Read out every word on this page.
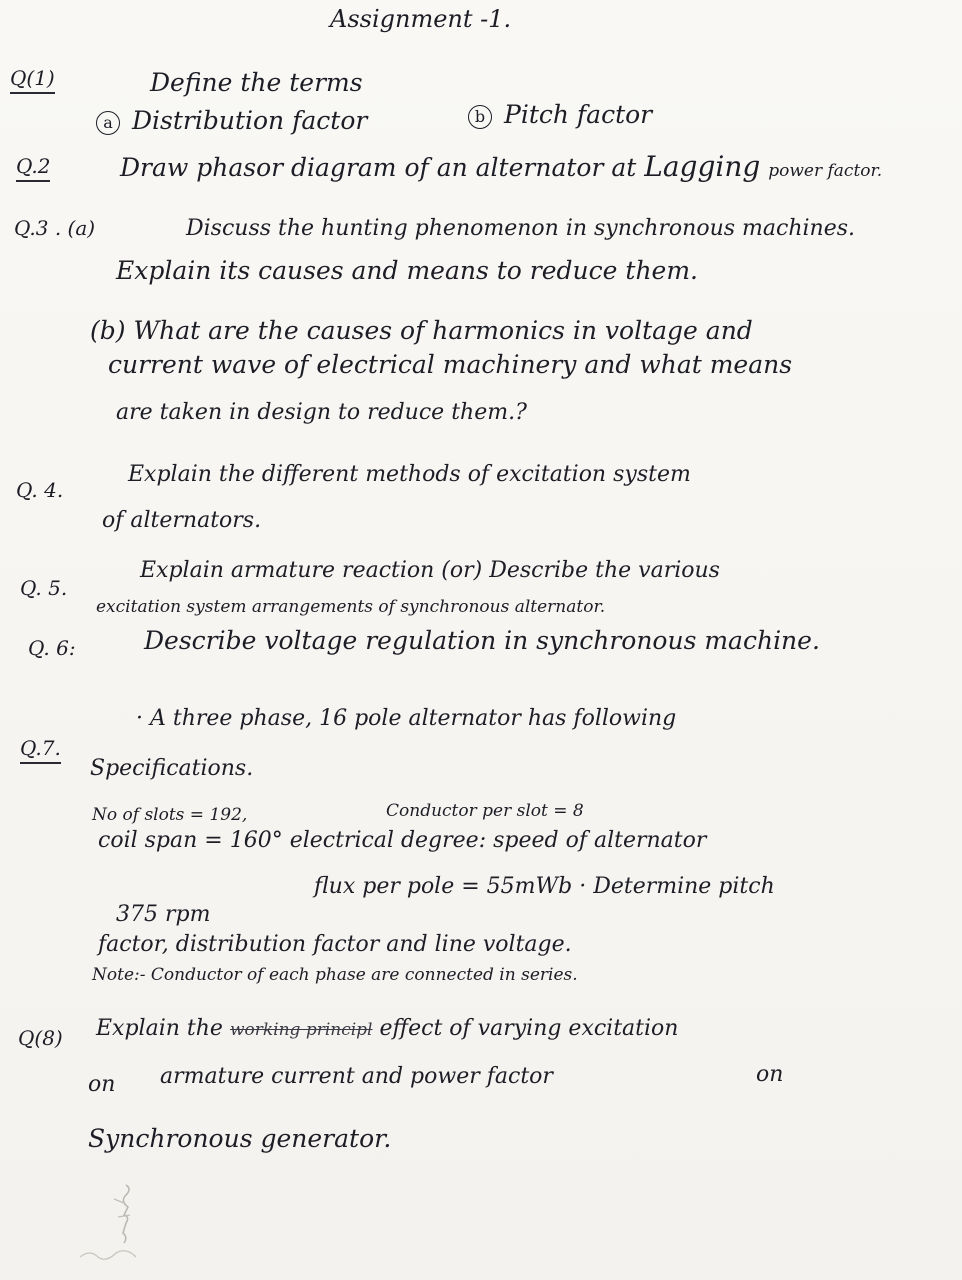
Assignment -1.
Q(1)	Define the terms
a Distribution factor	b Pitch factor
Q.2	Draw phasor diagram of an alternator at Lagging power factor.
Q.3 . (a)	Discuss the hunting phenomenon in synchronous machines.
Explain its causes and means to reduce them.
(b) What are the causes of harmonics in voltage and
current wave of electrical machinery and what means
are taken in design to reduce them.?
Q. 4.
Explain the different methods of excitation system
of alternators.
Q. 5.
Explain armature reaction (or) Describe the various
excitation system arrangements of synchronous alternator.
Q. 6:	Describe voltage regulation in synchronous machine.
Q.7.
· A three phase, 16 pole alternator has following
Specifications.
No of slots = 192,	Conductor per slot = 8
coil span = 160° electrical degree: speed of alternator
375 rpm
flux per pole = 55mWb · Determine pitch
factor, distribution factor and line voltage.
Note:- Conductor of each phase are connected in series.
Q(8) Explain the working principl effect of varying excitation
on armature current and power factor	on
Synchronous generator.
